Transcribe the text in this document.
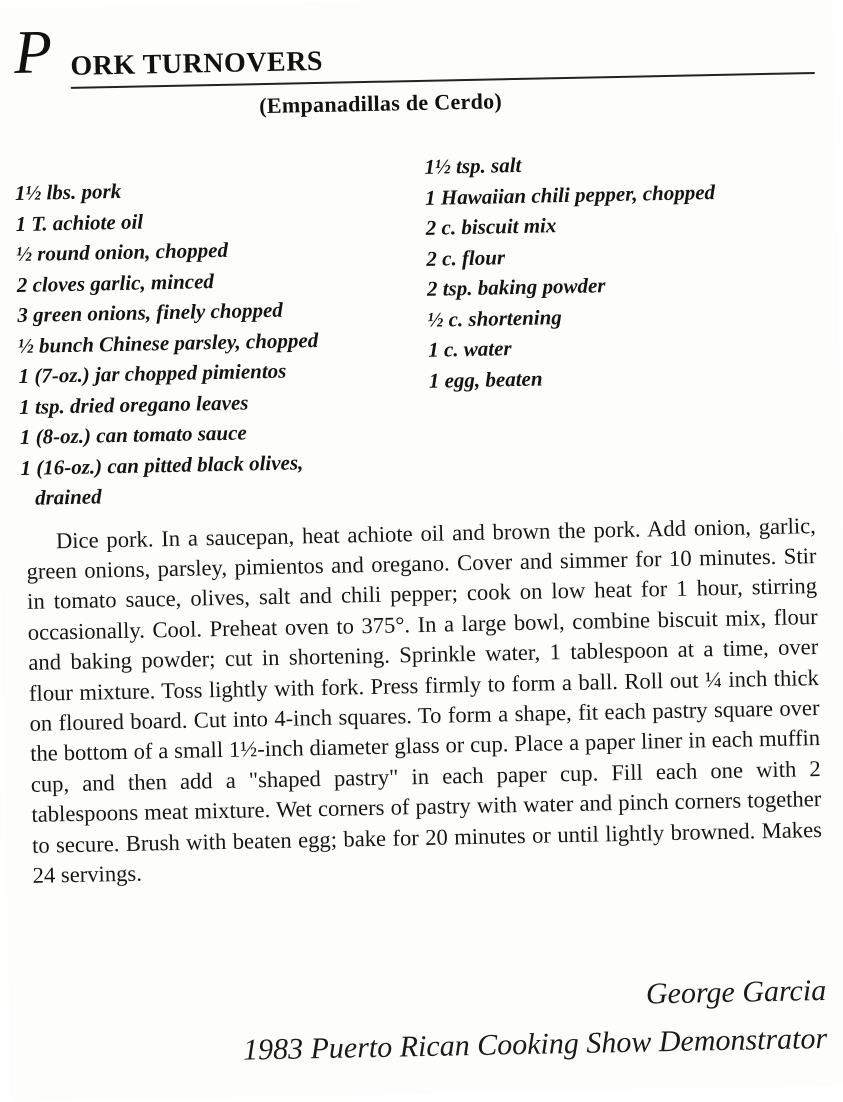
P ORK TURNOVERS
(Empanadillas de Cerdo)
1½ lbs. pork
1 T. achiote oil
½ round onion, chopped
2 cloves garlic, minced
3 green onions, finely chopped
½ bunch Chinese parsley, chopped
1 (7-oz.) jar chopped pimientos
1 tsp. dried oregano leaves
1 (8-oz.) can tomato sauce
1 (16-oz.) can pitted black olives,
drained
1½ tsp. salt
1 Hawaiian chili pepper, chopped
2 c. biscuit mix
2 c. flour
2 tsp. baking powder
½ c. shortening
1 c. water
1 egg, beaten

Dice pork. In a saucepan, heat achiote oil and brown the pork. Add onion, garlic, green onions, parsley, pimientos and oregano. Cover and simmer for 10 minutes. Stir in tomato sauce, olives, salt and chili pepper; cook on low heat for 1 hour, stirring occasionally. Cool. Preheat oven to 375°. In a large bowl, combine biscuit mix, flour and baking powder; cut in shortening. Sprinkle water, 1 tablespoon at a time, over flour mixture. Toss lightly with fork. Press firmly to form a ball. Roll out ¼ inch thick on floured board. Cut into 4-inch squares. To form a shape, fit each pastry square over the bottom of a small 1½-inch diameter glass or cup. Place a paper liner in each muffin cup, and then add a "shaped pastry" in each paper cup. Fill each one with 2 tablespoons meat mixture. Wet corners of pastry with water and pinch corners together to secure. Brush with beaten egg; bake for 20 minutes or until lightly browned. Makes 24 servings.

George Garcia
1983 Puerto Rican Cooking Show Demonstrator
